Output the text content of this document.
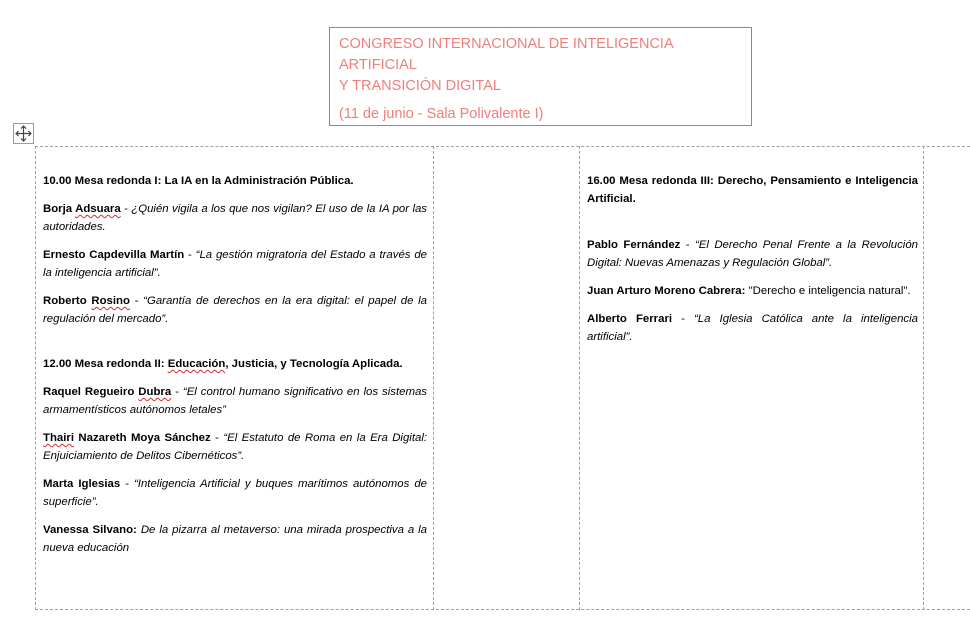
CONGRESO INTERNACIONAL DE INTELIGENCIA ARTIFICIAL
Y TRANSICIÓN DIGITAL
(11 de junio - Sala Polivalente I)

10.00 Mesa redonda I: La IA en la Administración Pública.

Borja Adsuara - ¿Quién vigila a los que nos vigilan? El uso de la IA por las autoridades.

Ernesto Capdevilla Martín - “La gestión migratoria del Estado a través de la inteligencia artificial”.

Roberto Rosino - “Garantía de derechos en la era digital: el papel de la regulación del mercado”.

12.00 Mesa redonda II: Educación, Justicia, y Tecnología Aplicada.

Raquel Regueiro Dubra - “El control humano significativo en los sistemas armamentísticos autónomos letales”

Thairi Nazareth Moya Sánchez - “El Estatuto de Roma en la Era Digital: Enjuiciamiento de Delitos Cibernéticos”.

Marta Iglesias - “Inteligencia Artificial y buques marítimos autónomos de superficie”.

Vanessa Silvano: De la pizarra al metaverso: una mirada prospectiva a la nueva educación

16.00 Mesa redonda III: Derecho, Pensamiento e Inteligencia Artificial.

Pablo Fernández - “El Derecho Penal Frente a la Revolución Digital: Nuevas Amenazas y Regulación Global”.

Juan Arturo Moreno Cabrera: "Derecho e inteligencia natural".

Alberto Ferrari - “La Iglesia Católica ante la inteligencia artificial”.
